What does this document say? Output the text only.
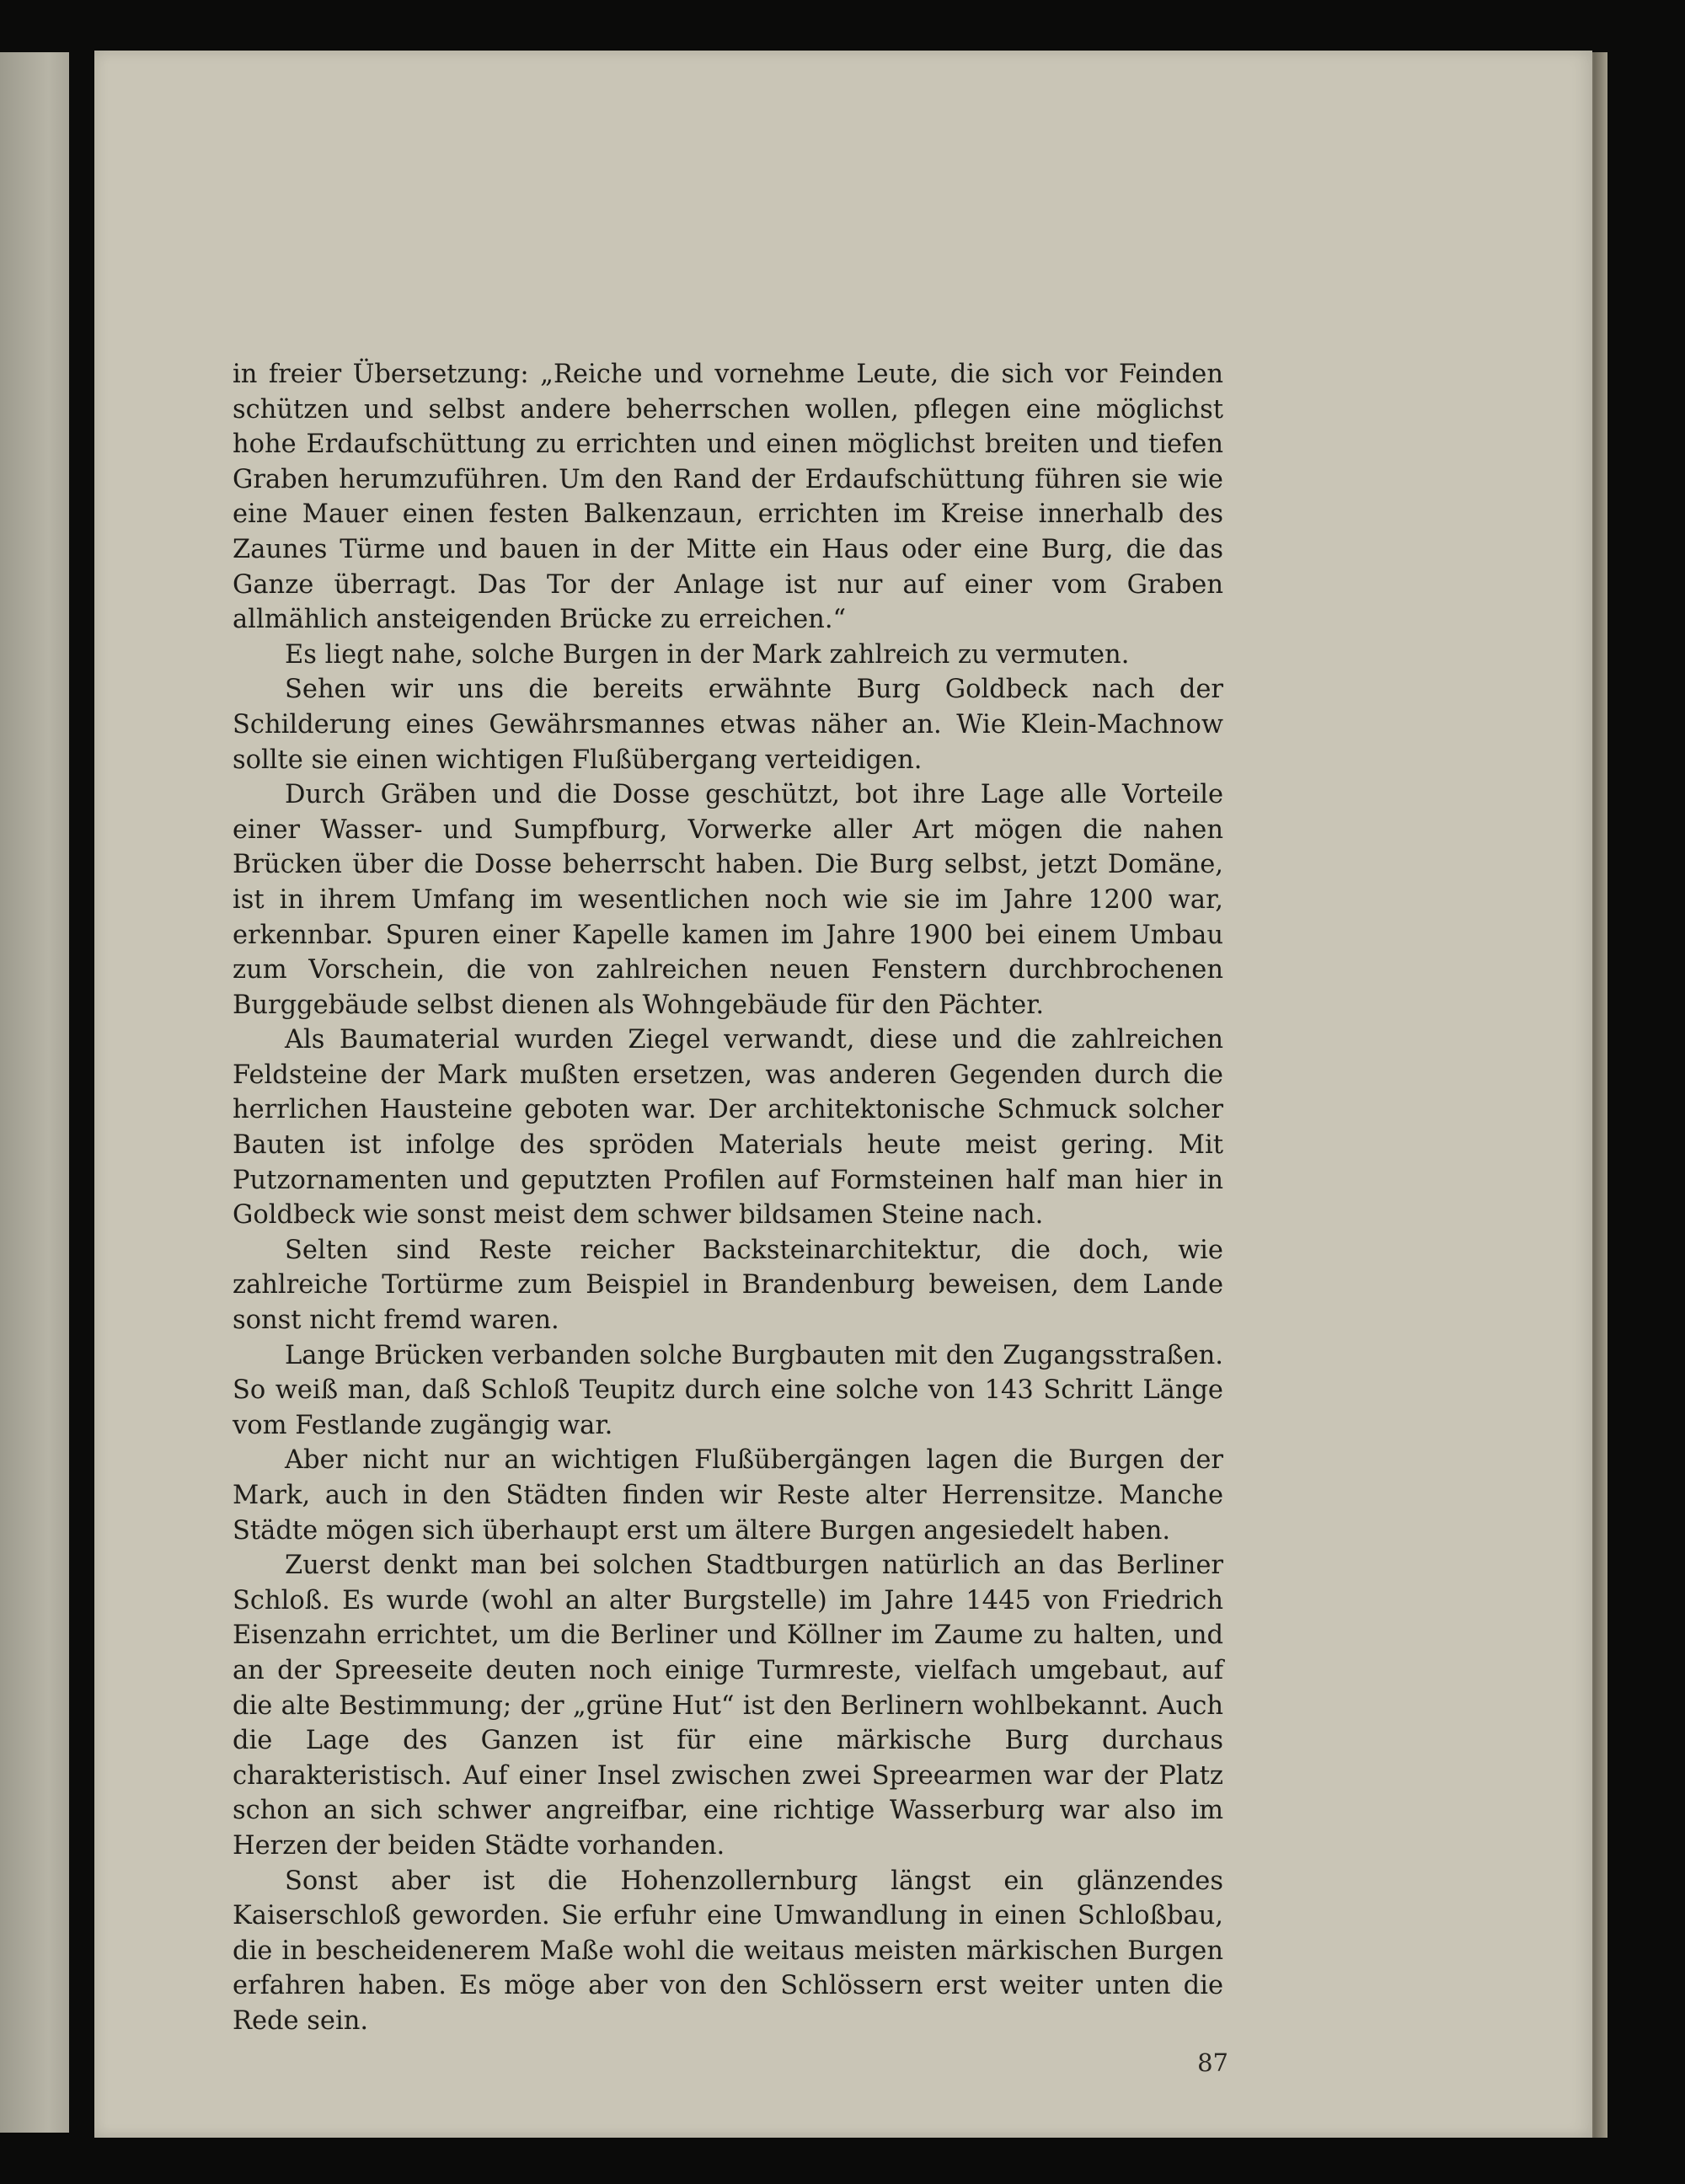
in freier Übersetzung: „Reiche und vornehme Leute, die sich vor Feinden schützen und selbst andere beherrschen wollen, pflegen eine möglichst hohe Erdaufschüttung zu errichten und einen möglichst breiten und tiefen Graben herumzuführen. Um den Rand der Erdaufschüttung führen sie wie eine Mauer einen festen Balkenzaun, errichten im Kreise innerhalb des Zaunes Türme und bauen in der Mitte ein Haus oder eine Burg, die das Ganze überragt. Das Tor der Anlage ist nur auf einer vom Graben allmählich ansteigenden Brücke zu erreichen.“

Es liegt nahe, solche Burgen in der Mark zahlreich zu vermuten.

Sehen wir uns die bereits erwähnte Burg Goldbeck nach der Schilderung eines Gewährsmannes etwas näher an. Wie Klein-Machnow sollte sie einen wichtigen Flußübergang verteidigen.

Durch Gräben und die Dosse geschützt, bot ihre Lage alle Vorteile einer Wasser- und Sumpfburg, Vorwerke aller Art mögen die nahen Brücken über die Dosse beherrscht haben. Die Burg selbst, jetzt Domäne, ist in ihrem Umfang im wesentlichen noch wie sie im Jahre 1200 war, erkennbar. Spuren einer Kapelle kamen im Jahre 1900 bei einem Umbau zum Vorschein, die von zahlreichen neuen Fenstern durchbrochenen Burggebäude selbst dienen als Wohngebäude für den Pächter.

Als Baumaterial wurden Ziegel verwandt, diese und die zahlreichen Feldsteine der Mark mußten ersetzen, was anderen Gegenden durch die herrlichen Hausteine geboten war. Der architektonische Schmuck solcher Bauten ist infolge des spröden Materials heute meist gering. Mit Putzornamenten und geputzten Profilen auf Formsteinen half man hier in Goldbeck wie sonst meist dem schwer bildsamen Steine nach.

Selten sind Reste reicher Backsteinarchitektur, die doch, wie zahlreiche Tortürme zum Beispiel in Brandenburg beweisen, dem Lande sonst nicht fremd waren.

Lange Brücken verbanden solche Burgbauten mit den Zugangsstraßen. So weiß man, daß Schloß Teupitz durch eine solche von 143 Schritt Länge vom Festlande zugängig war.

Aber nicht nur an wichtigen Flußübergängen lagen die Burgen der Mark, auch in den Städten finden wir Reste alter Herrensitze. Manche Städte mögen sich überhaupt erst um ältere Burgen angesiedelt haben.

Zuerst denkt man bei solchen Stadtburgen natürlich an das Berliner Schloß. Es wurde (wohl an alter Burgstelle) im Jahre 1445 von Friedrich Eisenzahn errichtet, um die Berliner und Köllner im Zaume zu halten, und an der Spreeseite deuten noch einige Turmreste, vielfach umgebaut, auf die alte Bestimmung; der „grüne Hut“ ist den Berlinern wohlbekannt. Auch die Lage des Ganzen ist für eine märkische Burg durchaus charakteristisch. Auf einer Insel zwischen zwei Spreearmen war der Platz schon an sich schwer angreifbar, eine richtige Wasserburg war also im Herzen der beiden Städte vorhanden.

Sonst aber ist die Hohenzollernburg längst ein glänzendes Kaiserschloß geworden. Sie erfuhr eine Umwandlung in einen Schloßbau, die in bescheidenerem Maße wohl die weitaus meisten märkischen Burgen erfahren haben. Es möge aber von den Schlössern erst weiter unten die Rede sein.

87
